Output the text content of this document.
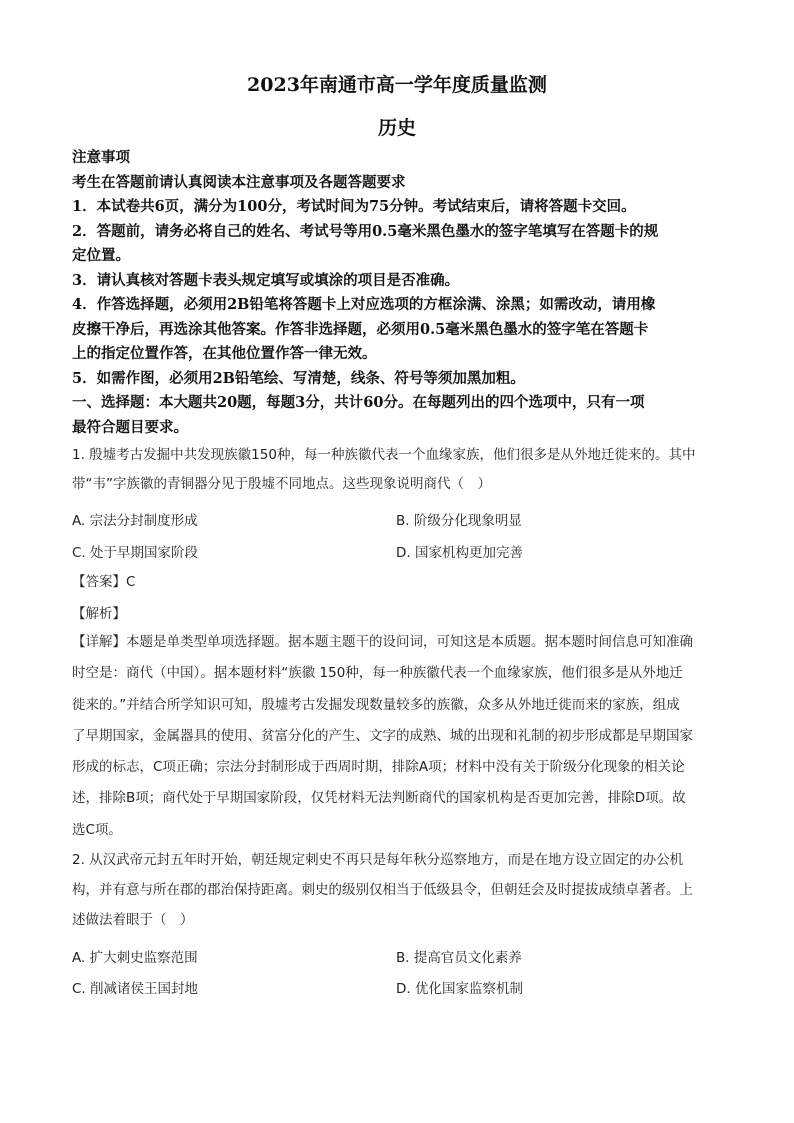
2023年南通市高一学年度质量监测
历史

注意事项

考生在答题前请认真阅读本注意事项及各题答题要求

1．本试卷共6页，满分为100分，考试时间为75分钟。考试结束后，请将答题卡交回。

2．答题前，请务必将自己的姓名、考试号等用0.5毫米黑色墨水的签字笔填写在答题卡的规

定位置。

3．请认真核对答题卡表头规定填写或填涂的项目是否准确。

4．作答选择题，必须用2B铅笔将答题卡上对应选项的方框涂满、涂黑；如需改动，请用橡

皮擦干净后，再选涂其他答案。作答非选择题，必须用0.5毫米黑色墨水的签字笔在答题卡

上的指定位置作答，在其他位置作答一律无效。

5．如需作图，必须用2B铅笔绘、写清楚，线条、符号等须加黑加粗。

一、选择题：本大题共20题，每题3分，共计60分。在每题列出的四个选项中，只有一项

最符合题目要求。

1. 殷墟考古发掘中共发现族徽150种，每一种族徽代表一个血缘家族，他们很多是从外地迁徙来的。其中

带“韦”字族徽的青铜器分见于殷墟不同地点。这些现象说明商代（　）

A. 宗法分封制度形成	B. 阶级分化现象明显
C. 处于早期国家阶段	D. 国家机构更加完善
【答案】C
【解析】

【详解】本题是单类型单项选择题。据本题主题干的设问词，可知这是本质题。据本题时间信息可知准确

时空是：商代（中国）。据本题材料“族徽 150种，每一种族徽代表一个血缘家族，他们很多是从外地迁

徙来的。”并结合所学知识可知，殷墟考古发掘发现数量较多的族徽，众多从外地迁徙而来的家族，组成

了早期国家，金属器具的使用、贫富分化的产生、文字的成熟、城的出现和礼制的初步形成都是早期国家

形成的标志，C项正确；宗法分封制形成于西周时期，排除A项；材料中没有关于阶级分化现象的相关论

述，排除B项；商代处于早期国家阶段，仅凭材料无法判断商代的国家机构是否更加完善，排除D项。故

选C项。

2. 从汉武帝元封五年时开始，朝廷规定刺史不再只是每年秋分巡察地方，而是在地方设立固定的办公机

构，并有意与所在郡的郡治保持距离。刺史的级别仅相当于低级县令，但朝廷会及时提拔成绩卓著者。上

述做法着眼于（　）

A. 扩大刺史监察范围	B. 提高官员文化素养
C. 削减诸侯王国封地	D. 优化国家监察机制
